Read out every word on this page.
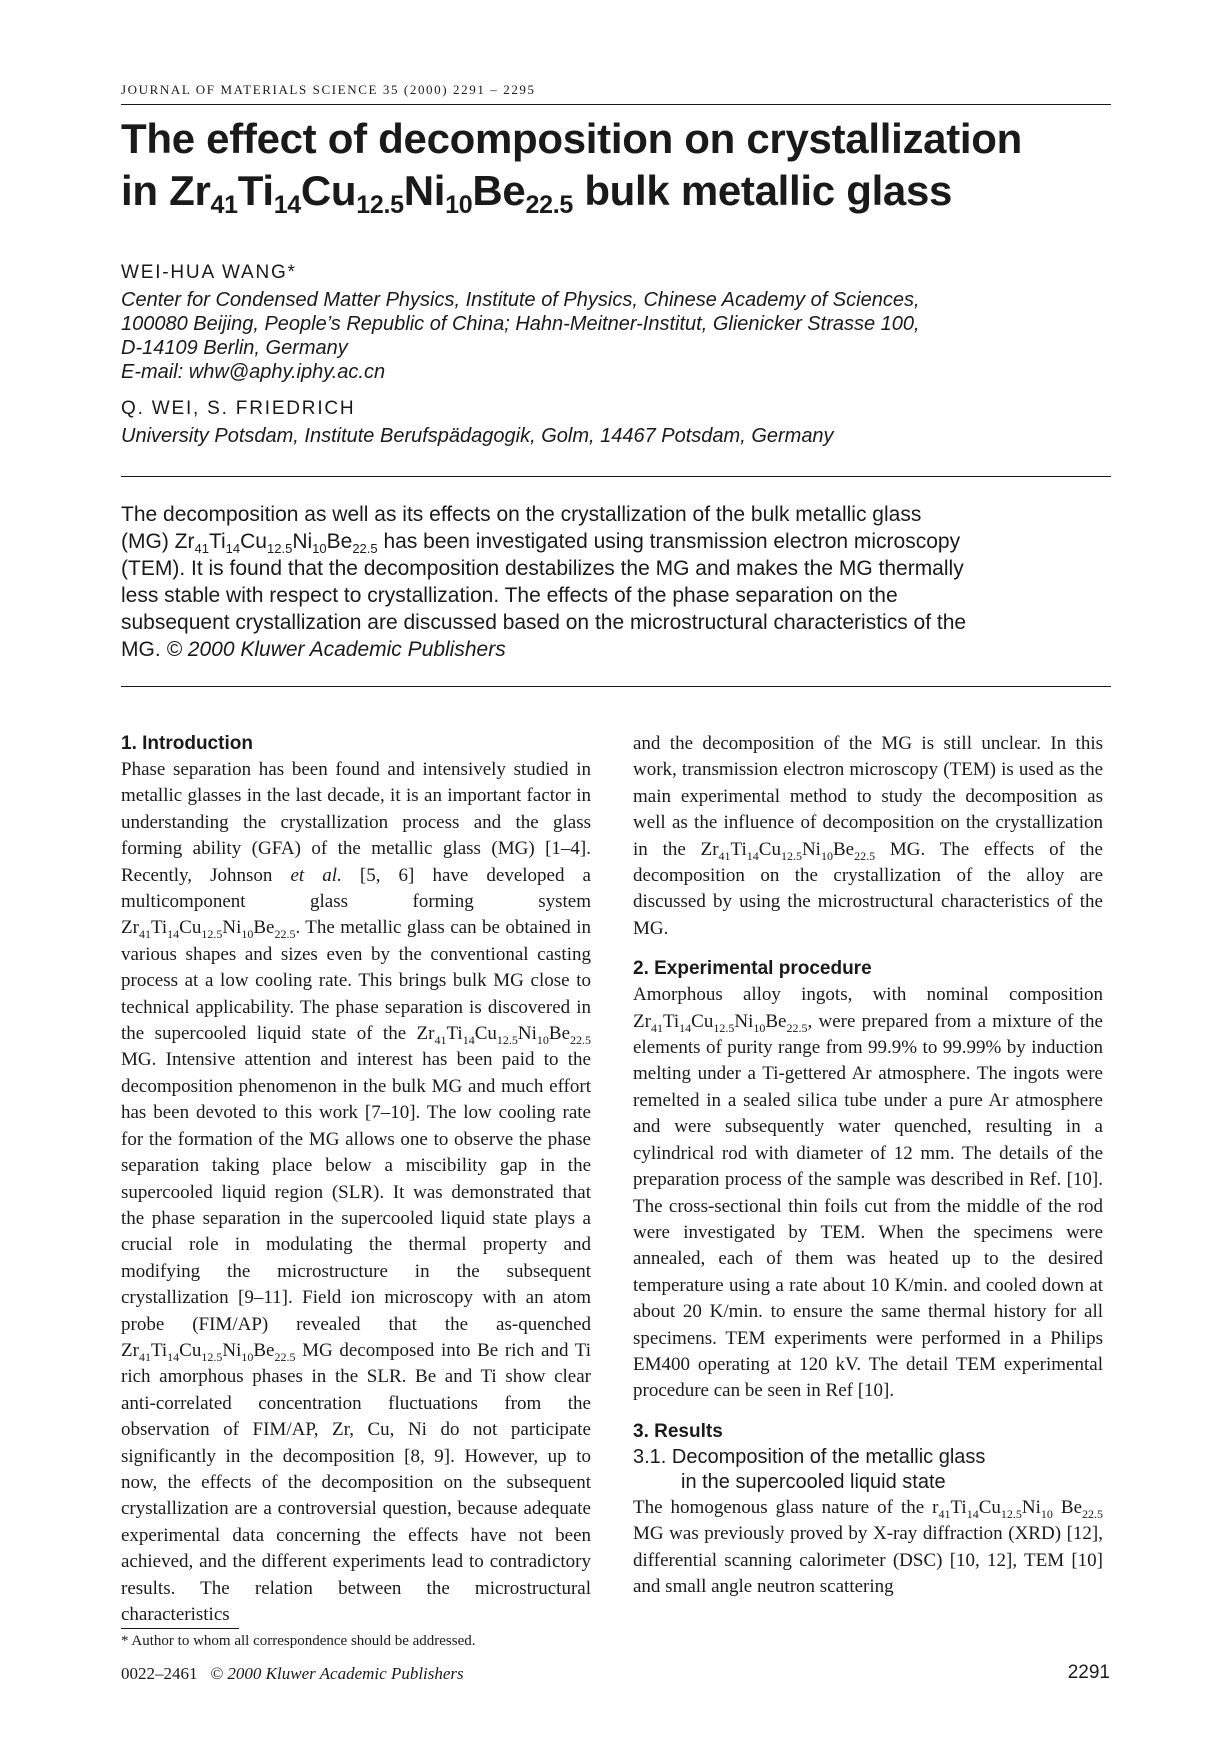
JOURNAL OF MATERIALS SCIENCE 35 (2000) 2291 – 2295
The effect of decomposition on crystallization
in $Zr_{41}Ti_{14}Cu_{12.5}Ni_{10}Be_{22.5}$ bulk metallic glass
WEI-HUA WANG*
Center for Condensed Matter Physics, Institute of Physics, Chinese Academy of Sciences,
100080 Beijing, People’s Republic of China; Hahn-Meitner-Institut, Glienicker Strasse 100,
D-14109 Berlin, Germany
E-mail: whw@aphy.iphy.ac.cn
Q. WEI, S. FRIEDRICH
University Potsdam, Institute Berufspädagogik, Golm, 14467 Potsdam, Germany
The decomposition as well as its effects on the crystallization of the bulk metallic glass
(MG) $Zr_{41}Ti_{14}Cu_{12.5}Ni_{10}Be_{22.5}$ has been investigated using transmission electron microscopy
(TEM). It is found that the decomposition destabilizes the MG and makes the MG thermally
less stable with respect to crystallization. The effects of the phase separation on the
subsequent crystallization are discussed based on the microstructural characteristics of the
MG. © 2000 Kluwer Academic Publishers
1. Introduction

Phase separation has been found and intensively studied in metallic glasses in the last decade, it is an important factor in understanding the crystallization process and the glass forming ability (GFA) of the metallic glass (MG) [1–4]. Recently, Johnson et al. [5, 6] have developed a multicomponent glass forming system $Zr_{41}Ti_{14}Cu_{12.5}Ni_{10}Be_{22.5}$. The metallic glass can be obtained in various shapes and sizes even by the conventional casting process at a low cooling rate. This brings bulk MG close to technical applicability. The phase separation is discovered in the supercooled liquid state of the $Zr_{41}Ti_{14}Cu_{12.5}Ni_{10}Be_{22.5}$ MG. Intensive attention and interest has been paid to the decomposition phenomenon in the bulk MG and much effort has been devoted to this work [7–10]. The low cooling rate for the formation of the MG allows one to observe the phase separation taking place below a miscibility gap in the supercooled liquid region (SLR). It was demonstrated that the phase separation in the supercooled liquid state plays a crucial role in modulating the thermal property and modifying the microstructure in the subsequent crystallization [9–11]. Field ion microscopy with an atom probe (FIM/AP) revealed that the as-quenched $Zr_{41}Ti_{14}Cu_{12.5}Ni_{10}Be_{22.5}$ MG decomposed into Be rich and Ti rich amorphous phases in the SLR. Be and Ti show clear anti-correlated concentration fluctuations from the observation of FIM/AP, Zr, Cu, Ni do not participate significantly in the decomposition [8, 9]. However, up to now, the effects of the decomposition on the subsequent crystallization are a controversial question, because adequate experimental data concerning the effects have not been achieved, and the different experiments lead to contradictory results. The relation between the microstructural characteristics

and the decomposition of the MG is still unclear. In this work, transmission electron microscopy (TEM) is used as the main experimental method to study the decomposition as well as the influence of decomposition on the crystallization in the $Zr_{41}Ti_{14}Cu_{12.5}Ni_{10}Be_{22.5}$ MG. The effects of the decomposition on the crystallization of the alloy are discussed by using the microstructural characteristics of the MG.

2. Experimental procedure

Amorphous alloy ingots, with nominal composition $Zr_{41}Ti_{14}Cu_{12.5}Ni_{10}Be_{22.5}$, were prepared from a mixture of the elements of purity range from 99.9% to 99.99% by induction melting under a Ti-gettered Ar atmosphere. The ingots were remelted in a sealed silica tube under a pure Ar atmosphere and were subsequently water quenched, resulting in a cylindrical rod with diameter of 12 mm. The details of the preparation process of the sample was described in Ref. [10]. The cross-sectional thin foils cut from the middle of the rod were investigated by TEM. When the specimens were annealed, each of them was heated up to the desired temperature using a rate about 10 K/min. and cooled down at about 20 K/min. to ensure the same thermal history for all specimens. TEM experiments were performed in a Philips EM400 operating at 120 kV. The detail TEM experimental procedure can be seen in Ref [10].

3. Results
3.1. Decomposition of the metallic glass
in the supercooled liquid state

The homogenous glass nature of the $r_{41}Ti_{14}Cu_{12.5}Ni_{10}$ $Be_{22.5}$ MG was previously proved by X-ray diffraction (XRD) [12], differential scanning calorimeter (DSC) [10, 12], TEM [10] and small angle neutron scattering

* Author to whom all correspondence should be addressed.
0022–2461 © 2000 Kluwer Academic Publishers	2291
